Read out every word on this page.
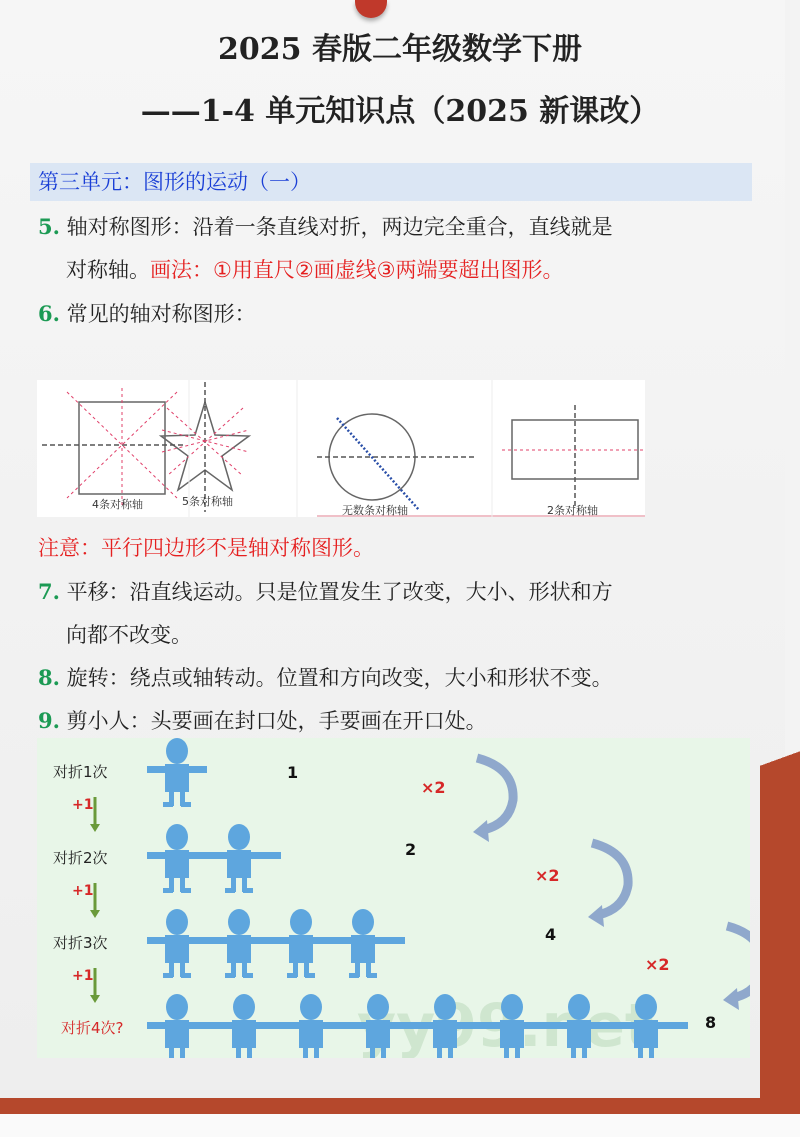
2025 春版二年级数学下册
——1-4 单元知识点（2025 新课改）
第三单元：图形的运动（一）
5. 轴对称图形：沿着一条直线对折，两边完全重合，直线就是
对称轴。画法：①用直尺②画虚线③两端要超出图形。
6. 常见的轴对称图形：
4条对称轴	5条对称轴
无数条对称轴	2条对称轴
注意：平行四边形不是轴对称图形。
7. 平移：沿直线运动。只是位置发生了改变，大小、形状和方
向都不改变。
8. 旋转：绕点或轴转动。位置和方向改变，大小和形状不变。
9. 剪小人：头要画在封口处，手要画在开口处。
对折1次	1
+1
×2
对折2次	2
+1
×2
对折3次	4
+1
×2
对折4次?	8
